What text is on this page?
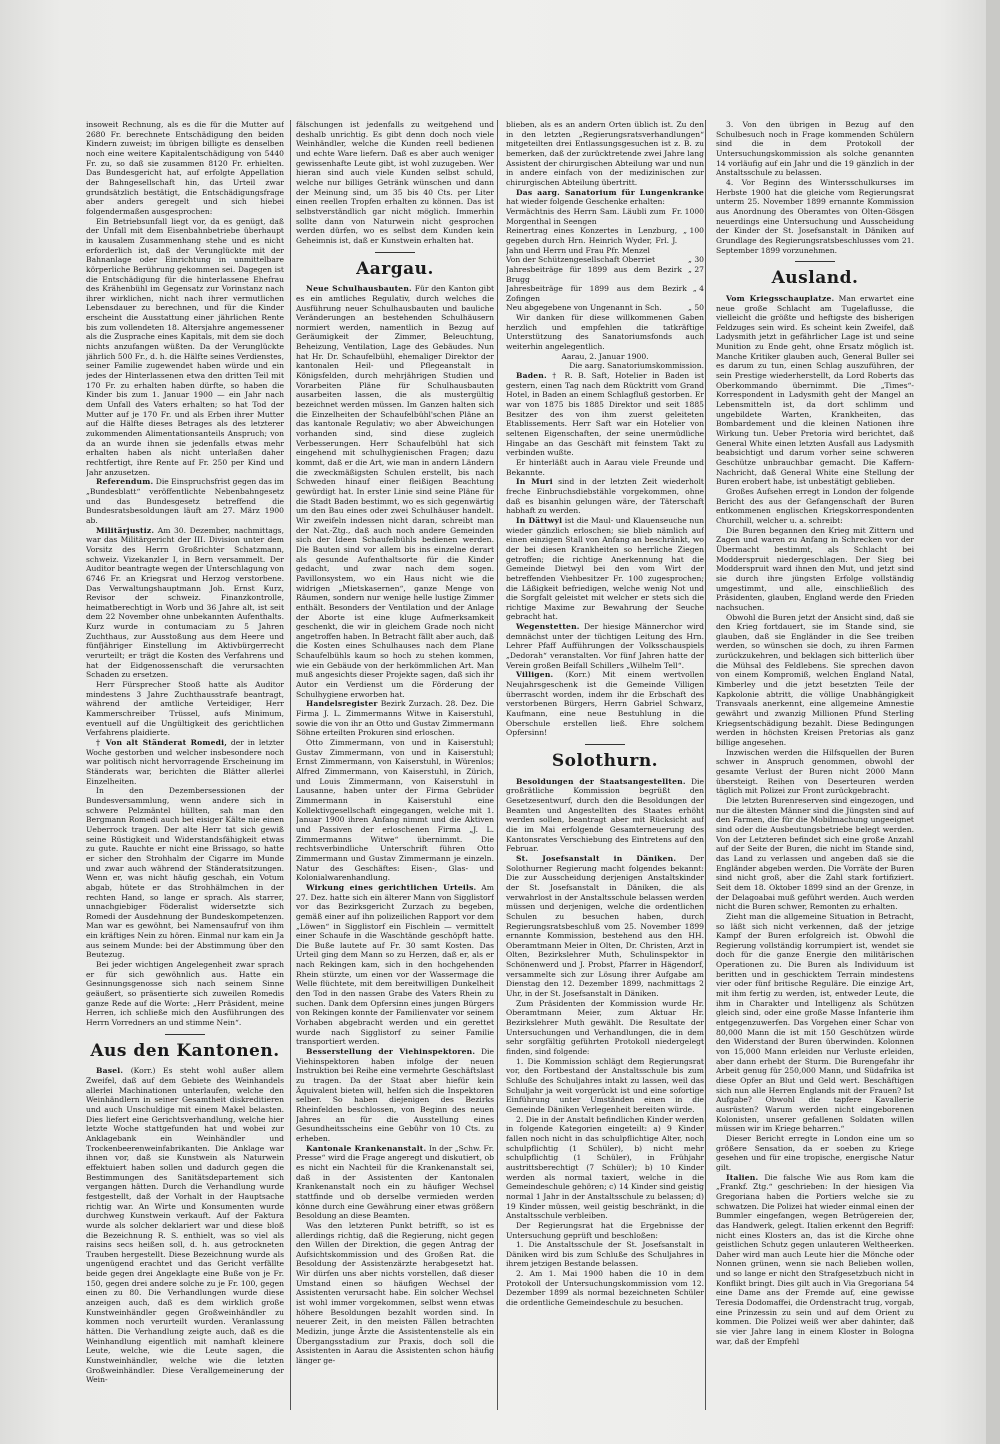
insoweit Rechnung, als es die für die Mutter auf 2680 Fr. berechnete Entschädigung den beiden Kindern zuweist; im übrigen billigte es denselben noch eine weitere Kapitalentschädigung von 5440 Fr. zu, so daß sie zusammen 8120 Fr. erhielten. Das Bundesgericht hat, auf erfolgte Appellation der Bahngesellschaft hin, das Urteil zwar grundsätzlich bestätigt, die Entschädigungsfrage aber anders geregelt und sich hiebei folgendermaßen ausgesprochen:

Ein Betriebsunfall liegt vor, da es genügt, daß der Unfall mit dem Eisenbahnbetriebe überhaupt in kausalem Zusammenhang stehe und es nicht erforderlich ist, daß der Verunglückte mit der Bahnanlage oder Einrichtung in unmittelbare körperliche Berührung gekommen sei. Dagegen ist die Entschädigung für die hinterlassene Ehefrau des Krähenbühl im Gegensatz zur Vorinstanz nach ihrer wirklichen, nicht nach ihrer vermutlichen Lebensdauer zu berechnen, und für die Kinder erscheint die Ausstattung einer jährlichen Rente bis zum vollendeten 18. Altersjahre angemessener als die Zusprache eines Kapitals, mit dem sie doch nichts anzufangen wüßten. Da der Verunglückte jährlich 500 Fr., d. h. die Hälfte seines Verdienstes, seiner Familie zugewendet haben würde und ein jedes der Hinterlassenen etwa den dritten Teil mit 170 Fr. zu erhalten haben dürfte, so haben die Kinder bis zum 1. Januar 1900 — ein Jahr nach dem Unfall des Vaters erhalten; so hat Tod der Mutter auf je 170 Fr. und als Erben ihrer Mutter auf die Hälfte dieses Betrages als des letzterer zukommenden Alimentationsanteils Anspruch; von da an wurde ihnen sie jedenfalls etwas mehr erhalten haben als nicht unterlaßen daher rechtfertigt, ihre Rente auf Fr. 250 per Kind und Jahr anzusetzen.

Referendum. Die Einspruchsfrist gegen das im „Bundesblatt“ veröffentlichte Nebenbahngesetz und das Bundesgesetz betreffend die Bundesratsbesoldungen läuft am 27. März 1900 ab.

Militärjustiz. Am 30. Dezember, nachmittags, war das Militärgericht der III. Division unter dem Vorsitz des Herrn Großrichter Schatzmann, schweiz. Vizekanzler I, in Bern versammelt. Der Auditor beantragte wegen der Unterschlagung von 6746 Fr. an Kriegsrat und Herzog verstorbene. Das Verwaltungshauptmann Joh. Ernst Kurz, Revisor der schweiz. Finanzkontrolle, heimatberechtigt in Worb und 36 Jahre alt, ist seit dem 22 November ohne unbekannten Aufenthalts. Kurz wurde in contumaciam zu 5 Jahren Zuchthaus, zur Ausstoßung aus dem Heere und fünfjähriger Einstellung im Aktivbürgerrecht verurteilt; er trägt die Kosten des Verfahrens und hat der Eidgenossenschaft die verursachten Schaden zu ersetzen.

Herr Fürsprecher Stooß hatte als Auditor mindestens 3 Jahre Zuchthausstrafe beantragt, während der amtliche Verteidiger, Herr Kammerschreiber Trüssel, aufs Minimum, eventuell auf die Ungültigkeit des gerichtlichen Verfahrens plaidierte.

† Von alt Ständerat Romedi, der in letzter Woche gestorben und welcher insbesondere noch war politisch nicht hervorragende Erscheinung im Ständerats war, berichten die Blätter allerlei Einzelheiten.

In den Dezembersessionen der Bundesversammlung, wenn andere sich in schwere Pelzmäntel hüllten, sah man den Bergmann Romedi auch bei eisiger Kälte nie einen Ueberrock tragen. Der alte Herr tat sich gewiß seine Rüstigkeit und Widerstandsfähigkeit etwas zu gute. Rauchte er nicht eine Brissago, so hatte er sicher den Strohhalm der Cigarre im Munde und zwar auch während der Ständeratsitzungen. Wenn er, was nicht häufig geschah, ein Votum abgab, hütete er das Strohhälmchen in der rechten Hand, so lange er sprach. Als starrer, unnachgiebiger Föderalist widersetzte sich Romedi der Ausdehnung der Bundeskompetenzen. Man war es gewöhnt, bei Namensaufruf von ihm ein kräftiges Nein zu hören. Einmal nur kam ein Ja aus seinem Munde: bei der Abstimmung über den Beutezug.

Bei jeder wichtigen Angelegenheit zwar sprach er für sich gewöhnlich aus. Hatte ein Gesinnungsgenosse sich nach seinem Sinne geäußert, so präsentierte sich zuweilen Romedis ganze Rede auf die Worte: „Herr Präsident, meine Herren, ich schließe mich den Ausführungen des Herrn Vorredners an und stimme Nein“.

Aus den Kantonen.

Basel. (Korr.) Es steht wohl außer allem Zweifel, daß auf dem Gebiete des Weinhandels allerlei Machinationen unterlaufen, welche den Weinhändlern in seiner Gesamtheit diskreditieren und auch Unschuldige mit einem Makel belasten. Dies liefert eine Gerichtsverhandlung, welche hier letzte Woche stattgefunden hat und wobei zur Anklagebank ein Weinhändler und Trockenbeerenweinfabrikanten. Die Anklage war ihnen vor, daß sie Kunstwein als Naturwein effektuiert haben sollen und dadurch gegen die Bestimmungen des Sanitätsdepartement sich vergangen hätten. Durch die Verhandlung wurde festgestellt, daß der Vorhalt in der Hauptsache richtig war. An Wirte und Konsumenten wurde durchweg Kunstwein verkauft. Auf der Faktura wurde als solcher deklariert war und diese bloß die Bezeichnung R. S. enthielt, was so viel als raisins secs heißen soll, d. h. aus getrockneten Trauben hergestellt. Diese Bezeichnung wurde als ungenügend erachtet und das Gericht verfällte beide gegen drei Angeklagte eine Buße von je Fr. 150, gegen drei andere solche zu je Fr. 100, gegen einen zu 80. Die Verhandlungen wurde diese anzeigen auch, daß es dem wirklich große Kunstweinhändler gegen Großweinhändler zu kommen noch verurteilt wurden. Veranlassung hätten. Die Verhandlung zeigte auch, daß es die Weinhandlung eigentlich mit namhaft kleinere Leute, welche, wie die Leute sagen, die Kunstweinhändler, welche wie die letzten Großweinhändler. Diese Verallgemeinerung der Wein-

fälschungen ist jedenfalls zu weitgehend und deshalb unrichtig. Es gibt denn doch noch viele Weinhändler, welche die Kunden reell bedienen und echte Ware liefern. Daß es aber auch weniger gewissenhafte Leute gibt, ist wohl zuzugeben. Wer hieran sind auch viele Kunden selbst schuld, welche nur billiges Getränk wünschen und dann der Meinung sind, um 35 bis 40 Cts. per Liter einen reellen Tropfen erhalten zu können. Das ist selbstverständlich gar nicht möglich. Immerhin sollte dann von Naturwein nicht gesprochen werden dürfen, wo es selbst dem Kunden kein Geheimnis ist, daß er Kunstwein erhalten hat.

Aargau.

Neue Schulhausbauten. Für den Kanton gibt es ein amtliches Regulativ, durch welches die Ausführung neuer Schulhausbauten und bauliche Veränderungen an bestehenden Schulhäusern normiert werden, namentlich in Bezug auf Geräumigkeit der Zimmer, Beleuchtung, Beheizung, Ventilation, Lage des Gebäudes. Nun hat Hr. Dr. Schaufelbühl, ehemaliger Direktor der kantonalen Heil- und Pflegeanstalt in Königsfelden, durch mehrjährigen Studien und Vorarbeiten Pläne für Schulhausbauten ausarbeiten lassen, die als mustergültig bezeichnet werden müssen. Im Ganzen halten sich die Einzelheiten der Schaufelbühl'schen Pläne an das kantonale Regulativ; wo aber Abweichungen vorhanden sind, sind diese zugleich Verbesserungen. Herr Schaufelbühl hat sich eingehend mit schulhygienischen Fragen; dazu kommt, daß er die Art, wie man in andern Ländern die zweckmäßigsten Schulen erstellt, bis nach Schweden hinauf einer fleißigen Beachtung gewürdigt hat. In erster Linie sind seine Pläne für die Stadt Baden bestimmt, wo es sich gegenwärtig um den Bau eines oder zwei Schulhäuser handelt. Wir zweifeln indessen nicht daran, schreibt man der Nat.-Ztg., daß auch noch andere Gemeinden sich der Ideen Schaufelbühls bedienen werden. Die Bauten sind vor allem bis ins einzelne derart als gesunde Aufenthaltsorte für die Kinder gedacht, und zwar nach dem sogen. Pavillonsystem, wo ein Haus nicht wie die widrigen „Mietskasernen“, ganze Menge von Räumen, sondern nur wenige helle lustige Zimmer enthält. Besonders der Ventilation und der Anlage der Aborte ist eine kluge Aufmerksamkeit geschenkt, die wir in gleichem Grade noch nicht angetroffen haben. In Betracht fällt aber auch, daß die Kosten eines Schulhauses nach dem Plane Schaufelbühls kaum so hoch zu stehen kommen, wie ein Gebäude von der herkömmlichen Art. Man muß angesichts dieser Projekte sagen, daß sich ihr Autor ein Verdienst um die Förderung der Schulhygiene erworben hat.

Handelsregister Bezirk Zurzach. 28. Dez. Die Firma J. L. Zimmermanns Witwe in Kaiserstuhl, sowie die von ihr an Otto und Gustav Zimmermann Söhne erteilten Prokuren sind erloschen.

Otto Zimmermann, von und in Kaiserstuhl; Gustav Zimmermann, von und in Kaiserstuhl; Ernst Zimmermann, von Kaiserstuhl, in Würenlos; Alfred Zimmermann, von Kaiserstuhl, in Zürich, und Louis Zimmermann, von Kaiserstuhl in Lausanne, haben unter der Firma Gebrüder Zimmermann in Kaiserstuhl eine Kollektivgesellschaft eingegangen, welche mit 1. Januar 1900 ihren Anfang nimmt und die Aktiven und Passiven der erloschenen Firma „J. L. Zimmermanns Witwe“ übernimmt. Die rechtsverbindliche Unterschrift führen Otto Zimmermann und Gustav Zimmermann je einzeln. Natur des Geschäftes: Eisen-, Glas- und Kolonialwarenhandlung.

Wirkung eines gerichtlichen Urteils. Am 27. Dez. hatte sich ein älterer Mann von Sigglistorf vor das Bezirksgericht Zurzach zu begeben, gemäß einer auf ihn polizeilichen Rapport vor dem „Löwen“ in Sigglistorf ein Fischlein — vermittelt einer Schaufe in die Waschtände geschöpft hatte. Die Buße lautete auf Fr. 30 samt Kosten. Das Urteil ging dem Mann so zu Herzen, daß er, als er nach Rekingen kam, sich in den hochgehenden Rhein stürzte, um einen vor der Wassermage die Welle flüchtete, mit dem bereitwilligen Dunkelheit den Tod in den nassen Grabe des Vaters Rhein zu suchen. Dank dem Opfersinn eines jungen Bürgers von Rekingen konnte der Familienvater vor seinem Vorhaben abgebracht werden und ein gerettet wurde nach Sigglistorf zu seiner Familie transportiert werden.

Besserstellung der Viehinspektoren. Die Viehinspektoren haben infolge der neuen Instruktion bei Reihe eine vermehrte Geschäftslast zu tragen. Da der Staat aber hiefür kein Äquivalent bieten will, helfen sich die Inspektoren selber. So haben diejenigen des Bezirks Rheinfelden beschlossen, von Beginn des neuen Jahres an für die Ausstellung eines Gesundheitsscheins eine Gebühr von 10 Cts. zu erheben.

Kantonale Krankenanstalt. In der „Schw. Fr. Presse“ wird die Frage angeregt und diskutiert, ob es nicht ein Nachteil für die Krankenanstalt sei, daß in der Assistenten der Kantonalen Krankenanstalt noch ein zu häufiger Wechsel stattfinde und ob derselbe vermieden werden könne durch eine Gewährung einer etwas größern Besoldung an diese Beamten.

Was den letzteren Punkt betrifft, so ist es allerdings richtig, daß die Regierung, nicht gegen den Willen der Direktion, die gegen Antrag der Aufsichtskommission und des Großen Rat. die Besoldung der Assistenzärzte herabgesetzt hat. Wir dürfen uns aber nichts vorstellen, daß dieser Umstand einen so häufigen Wechsel der Assistenten verursacht habe. Ein solcher Wechsel ist wohl immer vorgekommen, selbst wenn etwas höhere Besoldungen bezahlt worden sind. In neuerer Zeit, in den meisten Fällen betrachten Medizin, junge Ärzte die Assistentenstelle als ein Übergangsstadium zur Praxis, doch soll die Assistenten in Aarau die Assistenten schon häufig länger ge-

blieben, als es an andern Orten üblich ist. Zu den in den letzten „Regierungsratsverhandlungen“ mitgeteilten drei Entlassungsgesuchen ist z. B. zu bemerken, daß der zurücktretende zwei Jahre lang Assistent der chirurgischen Abteilung war und nun in andere einfach von der medizinischen zur chirurgischen Abteilung übertritt.

Das aarg. Sanatorium für Lungenkranke hat wieder folgende Geschenke erhalten:

Vermächtnis des Herrn Sam. Läubli zum Morgenthal in Seengen
Fr. 1000
Reinertrag eines Konzertes in Lenzburg, gegeben durch Hrn. Heinrich Wyder, Frl. J. Jahn und Herrn und Frau Pfr. Menzel
„ 100
Von der Schützengesellschaft Oberriet	„ 30
Jahresbeiträge für 1899 aus dem Bezirk Brugg
„ 27
Jahresbeiträge für 1899 aus dem Bezirk Zofingen
„ 4
Neu abgegebene von Ungenannt in Sch.	„ 50

Wir danken für diese willkommenen Gaben herzlich und empfehlen die tatkräftige Unterstützung des Sanatoriumsfonds auch weiterhin angelegentlich.

Aarau, 2. Januar 1900.

Die aarg. Sanatoriumskommission.

Baden. † R. B. Saft, Hotelier in Baden ist gestern, einen Tag nach dem Rücktritt vom Grand Hotel, in Baden an einem Schlagfluß gestorben. Er war von 1875 bis 1885 Direktor und seit 1885 Besitzer des von ihm zuerst geleiteten Etablissements. Herr Saft war ein Hotelier von seltenen Eigenschaften, der seine unermüdliche Hingabe an das Geschäft mit feinstem Takt zu verbinden wußte.

Er hinterläßt auch in Aarau viele Freunde und Bekannte.

In Muri sind in der letzten Zeit wiederholt freche Einbruchsdiebstähle vorgekommen, ohne daß es bisanhin gelungen wäre, der Täterschaft habhaft zu werden.

In Dättwyl ist die Maul- und Klauenseuche nun wieder gänzlich erloschen; sie blieb nämlich auf einen einzigen Stall von Anfang an beschränkt, wo der bei diesen Krankheiten so herrliche Ziegen getroffen; die richtige Anerkennung hat die Gemeinde Dietwyl bei den vom Wirt der betreffenden Viehbesitzer Fr. 100 zugesprochen; die Läßigkeit befriedigen, welche wenig Not und die Sorgfalt geleistet mit welcher er stets sich die richtige Maxime zur Bewahrung der Seuche gebracht hat.

Wegenstetten. Der hiesige Männerchor wird demnächst unter der tüchtigen Leitung des Hrn. Lehrer Pfaff Aufführungen der Volksschauspiels „Dedorah“ veranstalten. Vor fünf Jahren hatte der Verein großen Beifall Schillers „Wilhelm Tell“.

Villigen. (Korr.) Mit einem wertvollen Neujahrsgeschenk ist die Gemeinde Villigen überrascht worden, indem ihr die Erbschaft des verstorbenen Bürgers, Herrn Gabriel Schwarz, Kaufmann, eine neue Bestuhlung in die Oberschule erstellen ließ. Ehre solchem Opfersinn!

Solothurn.

Besoldungen der Staatsangestellten. Die großrätliche Kommission begrüßt den Gesetzesentwurf, durch den die Besoldungen der Beamten und Angestellten des Staates erhöht werden sollen, beantragt aber mit Rücksicht auf die im Mai erfolgende Gesamterneuerung des Kantonsrates Verschiebung des Eintretens auf den Februar.

St. Josefsanstalt in Däniken. Der Solothurner Regierung macht folgendes bekannt: Die zur Ausscheidung derjenigen Anstaltskinder der St. Josefsanstalt in Däniken, die als verwahrlost in der Anstaltsschule belassen werden müssen und derjenigen, welche die ordentlichen Schulen zu besuchen haben, durch Regierungsratsbeschluß vom 25. November 1899 ernannte Kommission, bestehend aus den HH. Oberamtmann Meier in Olten, Dr. Christen, Arzt in Olten, Bezirkslehrer Muth, Schulinspektor in Schönenwerd und J. Probst, Pfarrer in Hägendorf, versammelte sich zur Lösung ihrer Aufgabe am Dienstag den 12. Dezember 1899, nachmittags 2 Uhr, in der St. Josefsanstalt in Däniken.

Zum Präsidenten der Kommission wurde Hr. Oberamtmann Meier, zum Aktuar Hr. Bezirkslehrer Muth gewählt. Die Resultate der Untersuchungen und Verhandlungen, die in dem sehr sorgfältig geführten Protokoll niedergelegt finden, sind folgende:

1. Die Kommission schlägt dem Regierungsrat vor, den Fortbestand der Anstaltsschule bis zum Schluße des Schuljahres intakt zu lassen, weil das Schuljahr ja weit vorgerückt ist und eine sofortige Einführung unter Umständen einen in die Gemeinde Däniken Verlegenheit bereiten würde.

2. Die in der Anstalt befindlichen Kinder werden in folgende Kategorien eingeteilt: a) 9 Kinder fallen noch nicht in das schulpflichtige Alter, noch schulpflichtig (1 Schüler), b) nicht mehr schulpflichtig (1 Schüler), in Frühjahr austrittsberechtigt (7 Schüler); b) 10 Kinder werden als normal taxiert, welche in die Gemeindeschule gehören; c) 14 Kinder sind geistig normal 1 Jahr in der Anstaltsschule zu belassen; d) 19 Kinder müssen, weil geistig beschränkt, in die Anstaltsschule verbleiben.

Der Regierungsrat hat die Ergebnisse der Untersuchung geprüft und beschloßen:

1. Die Anstaltsschule der St. Josefsanstalt in Däniken wird bis zum Schluße des Schuljahres in ihrem jetzigen Bestande belassen.

2. Am 1. Mai 1900 haben die 10 in dem Protokoll der Untersuchungskommission vom 12. Dezember 1899 als normal bezeichneten Schüler die ordentliche Gemeindeschule zu besuchen.

3. Von den übrigen in Bezug auf den Schulbesuch noch in Frage kommenden Schülern sind die in dem Protokoll der Untersuchungskommission als solche genannten 14 vorläufig auf ein Jahr und die 19 gänzlich in der Anstaltsschule zu belassen.

4. Vor Beginn des Wintersschulkurses im Herbste 1900 hat die gleiche vom Regierungsrat unterm 25. November 1899 ernannte Kommission aus Anordnung des Oberamtes von Olten-Gösgen neuerdings eine Untersuchung und Ausscheidung der Kinder der St. Josefsanstalt in Däniken auf Grundlage des Regierungsratsbeschlusses vom 21. September 1899 vorzunehmen.

Ausland.

Vom Kriegsschauplatze. Man erwartet eine neue große Schlacht am Tugelaflusse, die vielleicht die größte und heftigste des bisherigen Feldzuges sein wird. Es scheint kein Zweifel, daß Ladysmith jetzt in gefährlicher Lage ist und seine Munition zu Ende geht, ohne Ersatz möglich ist. Manche Kritiker glauben auch, General Buller sei es darum zu tun, einen Schlag auszuführen, der sein Prestige wiederherstellt, da Lord Roberts das Oberkommando übernimmt. Die „Times“-Korrespondent in Ladysmith geht der Mangel an Lebensmitteln ist, da dort schlimm und ungebildete Warten, Krankheiten, das Bombardement und die kleinen Nationen ihre Wirkung tun. Ueber Pretoria wird berichtet, daß General White einen letzten Ausfall aus Ladysmith beabsichtigt und darum vorher seine schweren Geschütze unbrauchbar gemacht. Die Kaffern-Nachricht, daß General White eine Stellung der Buren erobert habe, ist unbestätigt geblieben.

Großes Aufsehen erregt in London der folgende Bericht des aus der Gefangenschaft der Buren entkommenen englischen Kriegskorrespondenten Churchill, welcher u. a. schreibt:

Die Buren begannen den Krieg mit Zittern und Zagen und waren zu Anfang in Schrecken vor der Übermacht bestimmt, als Schlacht bei Modderspruit niedergeschlagen. Der Sieg bei Modderspruit ward ihnen den Mut, und jetzt sind sie durch ihre jüngsten Erfolge vollständig umgestimmt, und alle, einschließlich des Präsidenten, glauben, England werde den Frieden nachsuchen.

Obwohl die Buren jetzt der Ansicht sind, daß sie den Krieg fortdauert, sie im Stande sind, sie glauben, daß sie Engländer in die See treiben werden, so wünschen sie doch, zu ihren Farmen zurückzukehren, und beklagen sich bitterlich über die Mühsal des Feldlebens. Sie sprechen davon von einem Kompromiß, welchen England Natal, Kimberley und die jetzt besetzten Teile der Kapkolonie abtritt, die völlige Unabhängigkeit Transvaals anerkennt, eine allgemeine Amnestie gewährt und zwanzig Millionen Pfund Sterling Kriegsentschädigung bezahlt. Diese Bedingungen werden in höchsten Kreisen Pretorias als ganz billige angesehen.

Inzwischen werden die Hilfsquellen der Buren schwer in Anspruch genommen, obwohl der gesamte Verlust der Buren nicht 2000 Mann übersteigt. Reihen von Deserteuren werden täglich mit Polizei zur Front zurückgebracht.

Die letzten Burenreserven sind eingezogen, und nur die ältesten Männer sind die Jüngsten sind auf den Farmen, die für die Mobilmachung ungeeignet sind oder die Ausbeutungsbetriebe belegt werden. Von der Letzteren befindet sich eine große Anzahl auf der Seite der Buren, die nicht im Stande sind, das Land zu verlassen und angeben daß sie die Engländer abgeben werden. Die Vorräte der Buren sind nicht groß, aber die Zahl stark fortifiziert. Seit dem 18. Oktober 1899 sind an der Grenze, in der Delagoabai muß geführt werden. Auch werden nicht die Buren schwer, Remonten zu erhalten.

Zieht man die allgemeine Situation in Betracht, so läßt sich nicht verkennen, daß der jetzige Kampf der Buren erfolgreich ist. Obwohl die Regierung vollständig korrumpiert ist, wendet sie doch für die ganze Energie den militärischen Operationen zu. Die Buren als Individuum ist beritten und in geschicktem Terrain mindestens vier oder fünf britische Reguläre. Die einzige Art, mit ihm fertig zu werden, ist, entweder Leute, die ihm in Charakter und Intelligenz als Schützen gleich sind, oder eine große Masse Infanterie ihm entgegenzuwerfen. Das Vorgehen einer Schar von 80,000 Mann die ist mit 150 Geschützen würde den Widerstand der Buren überwinden. Kolonnen von 15,000 Mann erleiden nur Verluste erleiden, aber dann erhebt der Sturm. Die Burengefahr ihr Arbeit genug für 250,000 Mann, und Südafrika ist diese Opfer an Blut und Geld wert. Beschäftigen sich nun alle Herren Englands mit der Frauen? Ist Aufgabe? Obwohl die tapfere Kavallerie ausrüsten? Warum werden nicht eingeborenen Kolonisten, unserer gefallenen Soldaten willen müssen wir im Kriege beharren.“

Dieser Bericht erregte in London eine um so größere Sensation, da er soeben zu Kriege gesehen und für eine tropische, energische Natur gilt.

Italien. Die falsche Wie aus Rom kam die „Frankf. Ztg.“ geschrieben: In der hiesigen Via Gregoriana haben die Portiers welche sie zu schwatzen. Die Polizei hat wieder einmal einen der Bummler eingefangen, wegen Betrügereien der, das Handwerk, gelegt. Italien erkennt den Begriff: nicht eines Klosters an, das ist die Kirche ohne geistlichen Schutz gegen unlauteren Weltheerken. Daher wird man auch Leute hier die Mönche oder Nonnen grünen, wenn sie nach Belieben wollen, und so lange er nicht den Strafgesetzbuch nicht in Konflikt bringt. Dies gilt auch in Via Gregoriana 54 eine Dame ans der Fremde auf, eine gewisse Teresia Dodomaffei, die Ordenstracht trug, vorgab, eine Prinzessin zu sein und auf dem Orient zu kommen. Die Polizei weiß wer aber dahinter, daß sie vier Jahre lang in einem Kloster in Bologna war, daß der Empfehl
